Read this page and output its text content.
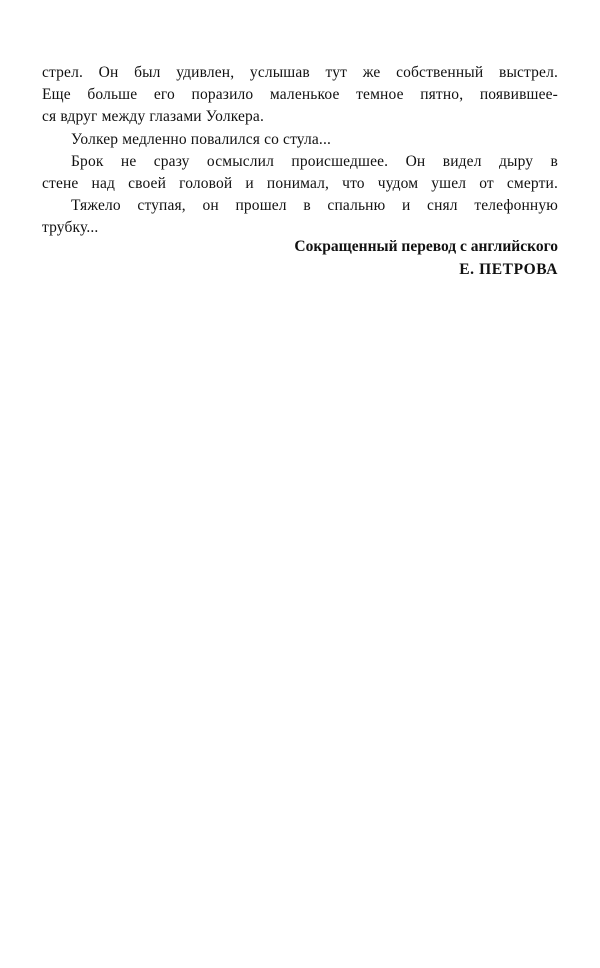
стрел. Он был удивлен, услышав тут же собственный выстрел.
Еще больше его поразило маленькое темное пятно, появившее-
ся вдруг между глазами Уолкера.
Уолкер медленно повалился со стула...
Брок не сразу осмыслил происшедшее. Он видел дыру в
стене над своей головой и понимал, что чудом ушел от смерти.
Тяжело ступая, он прошел в спальню и снял телефонную
трубку...
Сокращенный перевод с английского
Е. ПЕТРОВА
